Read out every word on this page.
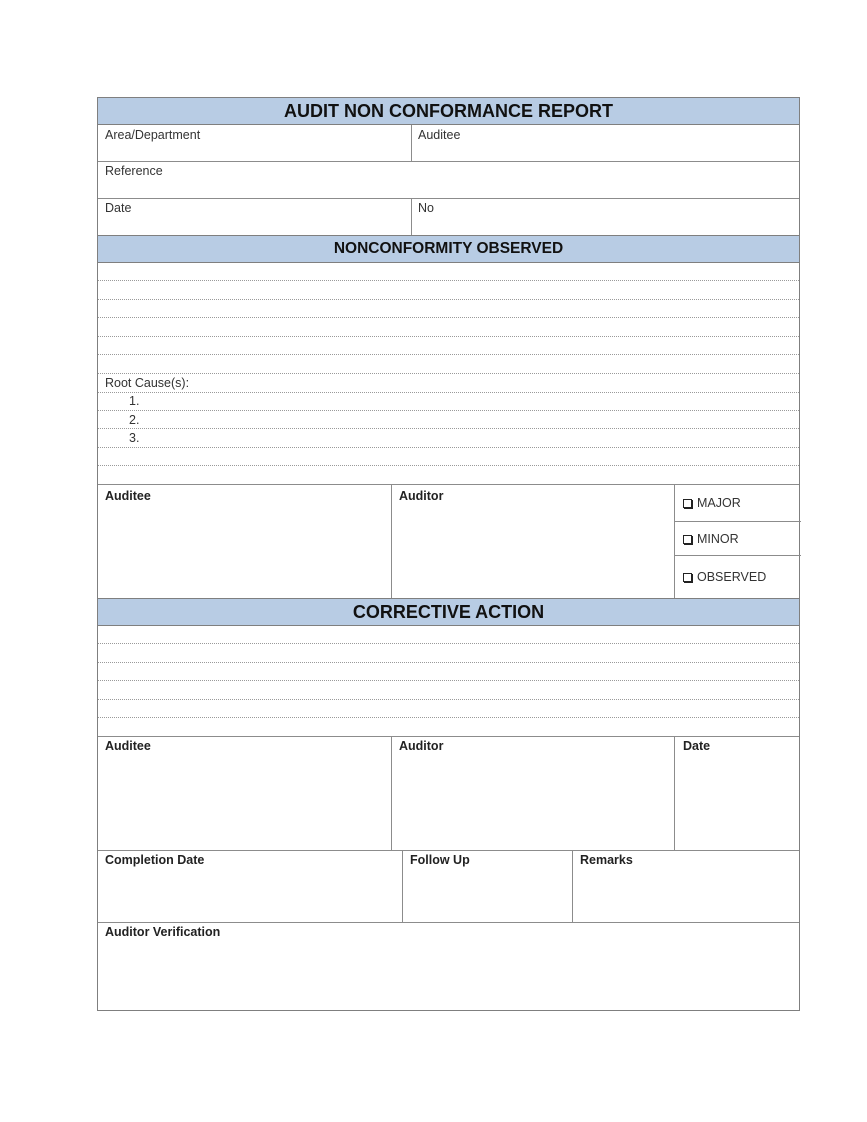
AUDIT NON CONFORMANCE REPORT
Area/Department	Auditee
Reference
Date	No
NONCONFORMITY OBSERVED
Root Cause(s):
1.
2.
3.
Auditee	Auditor	MAJOR
MINOR
OBSERVED
CORRECTIVE ACTION
Auditee	Auditor	Date
Completion Date	Follow Up	Remarks
Auditor Verification
